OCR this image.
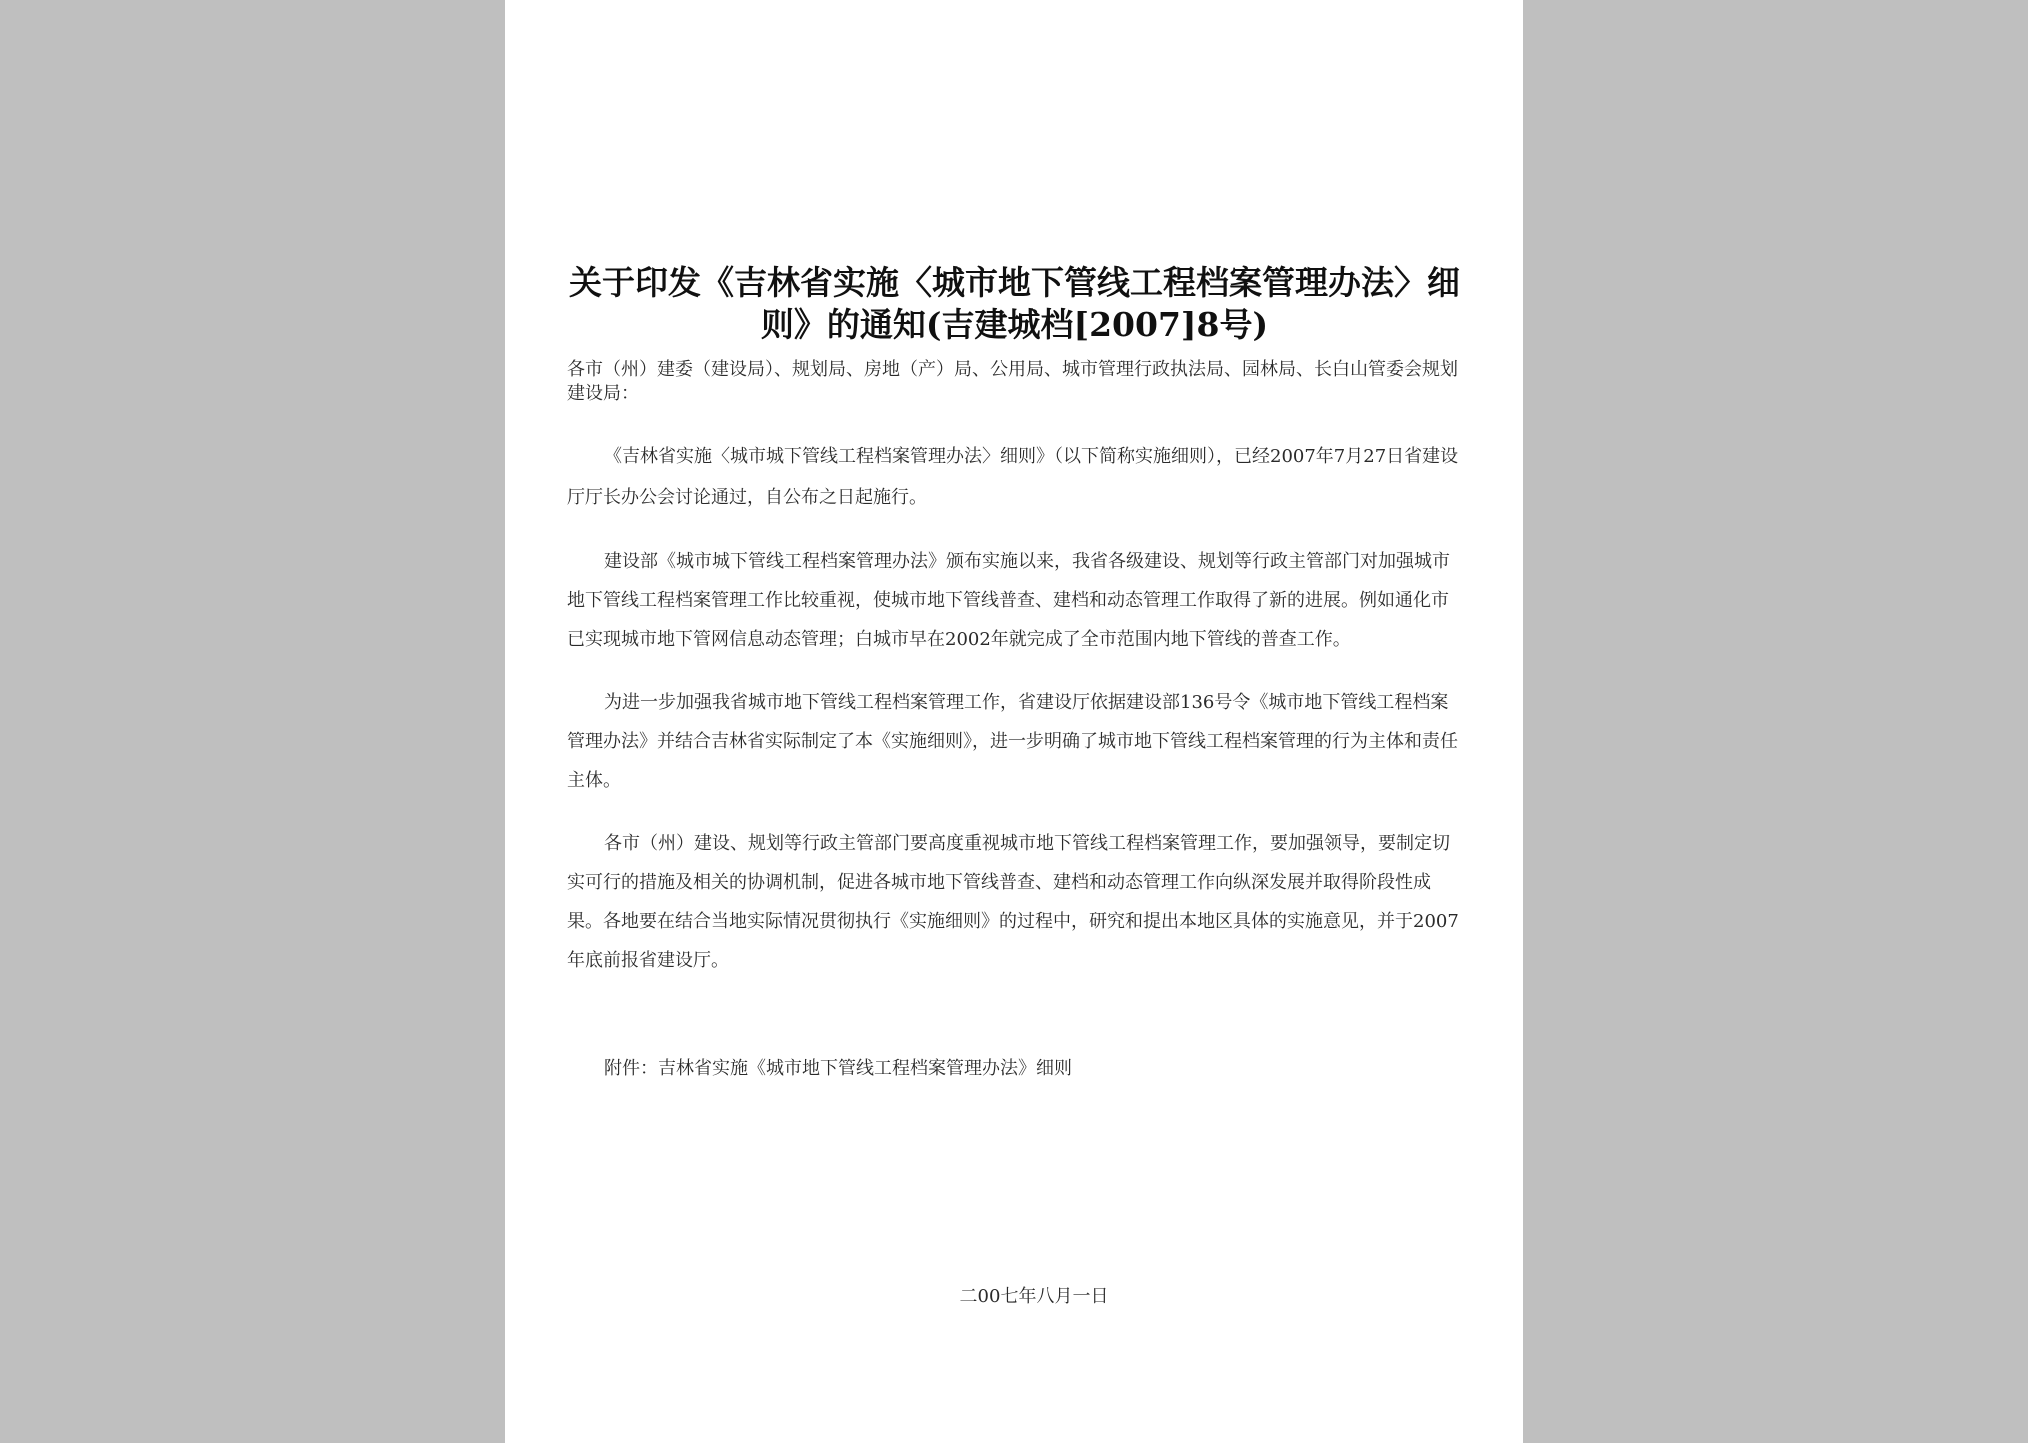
关于印发《吉林省实施〈城市地下管线工程档案管理办法〉细则》的通知(吉建城档[2007]8号)
各市（州）建委（建设局）、规划局、房地（产）局、公用局、城市管理行政执法局、园林局、长白山管委会规划建设局：

《吉林省实施〈城市城下管线工程档案管理办法〉细则》（以下简称实施细则），已经2007年7月27日省建设厅厅长办公会讨论通过，自公布之日起施行。

建设部《城市城下管线工程档案管理办法》颁布实施以来，我省各级建设、规划等行政主管部门对加强城市地下管线工程档案管理工作比较重视，使城市地下管线普查、建档和动态管理工作取得了新的进展。例如通化市已实现城市地下管网信息动态管理；白城市早在2002年就完成了全市范围内地下管线的普查工作。

为进一步加强我省城市地下管线工程档案管理工作，省建设厅依据建设部136号令《城市地下管线工程档案管理办法》并结合吉林省实际制定了本《实施细则》，进一步明确了城市地下管线工程档案管理的行为主体和责任主体。

各市（州）建设、规划等行政主管部门要高度重视城市地下管线工程档案管理工作，要加强领导，要制定切实可行的措施及相关的协调机制，促进各城市地下管线普查、建档和动态管理工作向纵深发展并取得阶段性成果。各地要在结合当地实际情况贯彻执行《实施细则》的过程中，研究和提出本地区具体的实施意见，并于2007年底前报省建设厅。

附件：吉林省实施《城市地下管线工程档案管理办法》细则
二00七年八月一日
